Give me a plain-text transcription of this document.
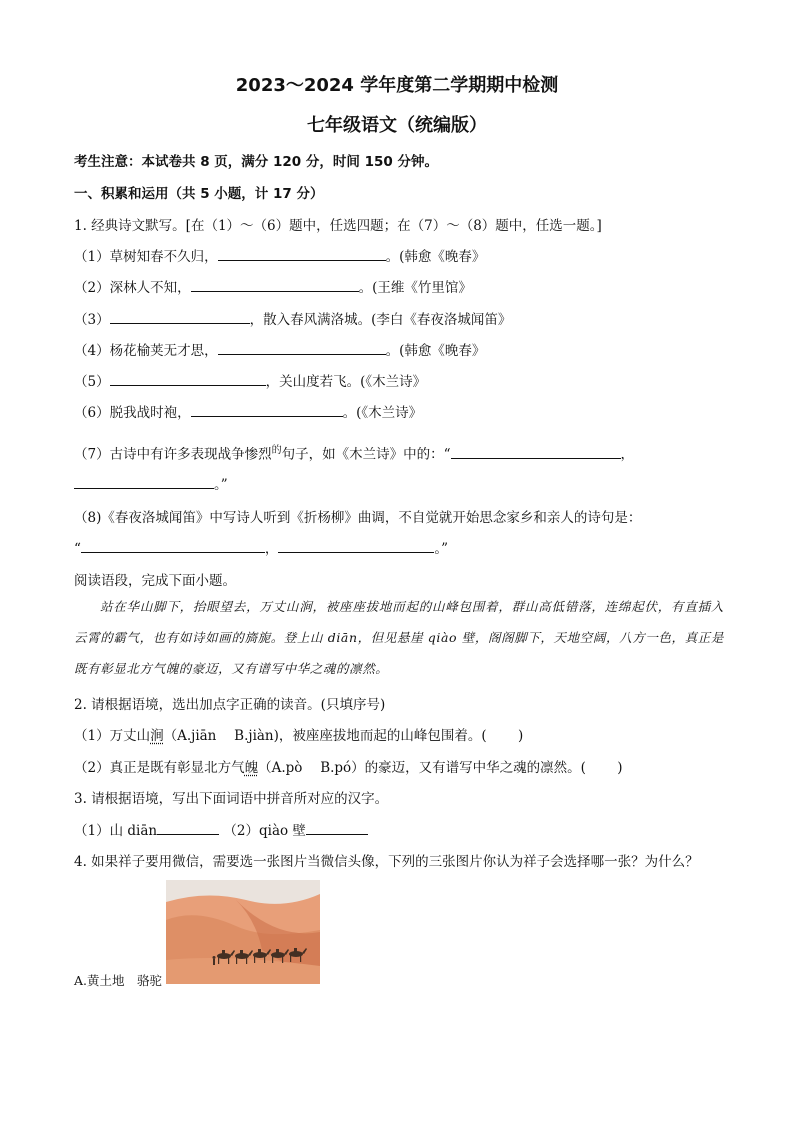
2023～2024 学年度第二学期期中检测
七年级语文（统编版）
考生注意：本试卷共 8 页，满分 120 分，时间 150 分钟。
一、积累和运用（共 5 小题，计 17 分）
1. 经典诗文默写。[在（1）～（6）题中，任选四题；在（7）～（8）题中，任选一题。]
（1）草树知春不久归，	。(韩愈《晚春》
（2）深林人不知，	。(王维《竹里馆》
（3）	，散入春风满洛城。(李白《春夜洛城闻笛》
（4）杨花榆荚无才思，	。(韩愈《晚春》
（5）	，关山度若飞。(《木兰诗》
（6）脱我战时袍，	。(《木兰诗》
（7）古诗中有许多表现战争惨烈$^的$句子，如《木兰诗》中的：“	，
。”
（8)《春夜洛城闻笛》中写诗人听到《折杨柳》曲调，不自觉就开始思念家乡和亲人的诗句是：
“	，	。”
阅读语段，完成下面小题。
站在华山脚下，抬眼望去，万丈山涧，被座座拔地而起的山峰包围着，群山高低错落，连绵起伏，有直插入云霄的霸气，也有如诗如画的旖旎。登上山 diān，但见悬崖 qiào 壁，阁阁脚下，天地空阔，八方一色，真正是既有彰显北方气魄的豪迈，又有谱写中华之魂的凛然。
2. 请根据语境，选出加点字正确的读音。(只填序号)
（1）万丈山涧（A.jiān　 B.jiàn)，被座座拔地而起的山峰包围着。(　　 )
（2）真正是既有彰显北方气魄（A.pò　 B.pó）的豪迈，又有谱写中华之魂的凛然。(　　 )
3. 请根据语境，写出下面词语中拼音所对应的汉字。
（1）山 diān	（2）qiào 壁
4. 如果祥子要用微信，需要选一张图片当微信头像，下列的三张图片你认为祥子会选择哪一张？为什么？
A.黄土地　骆驼
